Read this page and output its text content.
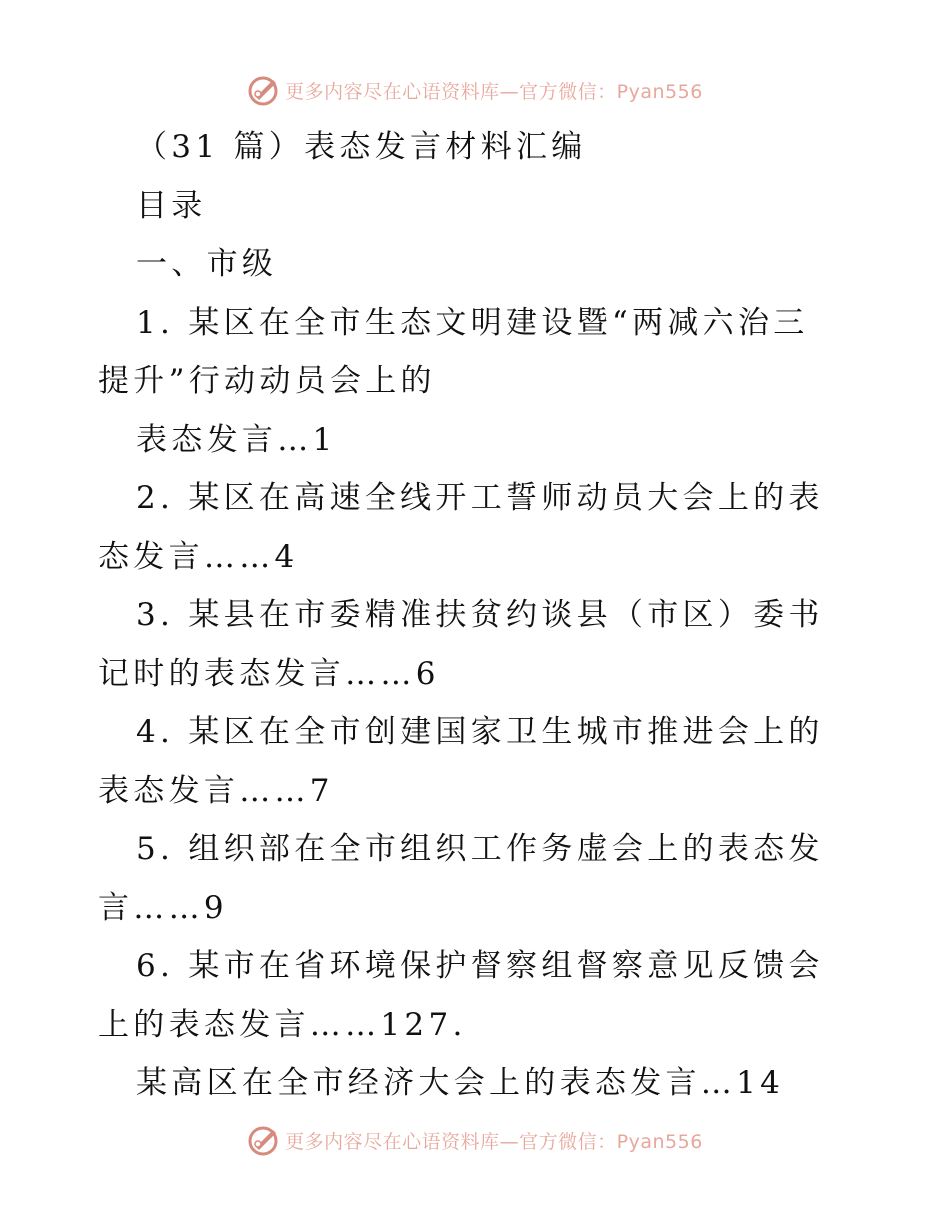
更多内容尽在心语资料库—官方微信：Pyan556

（31 篇）表态发言材料汇编

目录

一、市级

1. 某区在全市生态文明建设暨“两减六治三提升”行动动员会上的

表态发言…1

2. 某区在高速全线开工誓师动员大会上的表态发言……4

3. 某县在市委精准扶贫约谈县（市区）委书记时的表态发言……6

4. 某区在全市创建国家卫生城市推进会上的表态发言……7

5. 组织部在全市组织工作务虚会上的表态发言……9

6. 某市在省环境保护督察组督察意见反馈会上的表态发言……127.

某高区在全市经济大会上的表态发言…14

更多内容尽在心语资料库—官方微信：Pyan556
